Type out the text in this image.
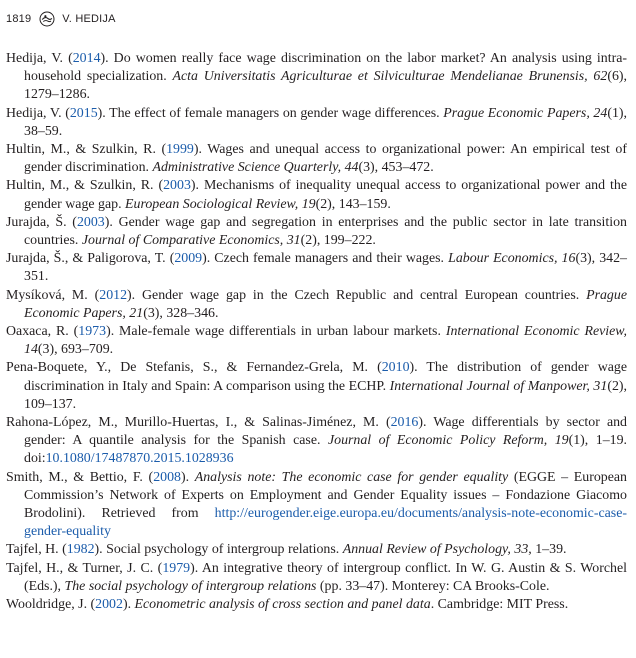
1819	V. HEDIJA

Hedija, V. (2014). Do women really face wage discrimination on the labor market? An analysis using intra-household specialization. Acta Universitatis Agriculturae et Silviculturae Mendelianae Brunensis, 62(6), 1279–1286.

Hedija, V. (2015). The effect of female managers on gender wage differences. Prague Economic Papers, 24(1), 38–59.

Hultin, M., & Szulkin, R. (1999). Wages and unequal access to organizational power: An empirical test of gender discrimination. Administrative Science Quarterly, 44(3), 453–472.

Hultin, M., & Szulkin, R. (2003). Mechanisms of inequality unequal access to organizational power and the gender wage gap. European Sociological Review, 19(2), 143–159.

Jurajda, Š. (2003). Gender wage gap and segregation in enterprises and the public sector in late transition countries. Journal of Comparative Economics, 31(2), 199–222.

Jurajda, Š., & Paligorova, T. (2009). Czech female managers and their wages. Labour Economics, 16(3), 342–351.

Mysíková, M. (2012). Gender wage gap in the Czech Republic and central European countries. Prague Economic Papers, 21(3), 328–346.

Oaxaca, R. (1973). Male-female wage differentials in urban labour markets. International Economic Review, 14(3), 693–709.

Pena-Boquete, Y., De Stefanis, S., & Fernandez-Grela, M. (2010). The distribution of gender wage discrimination in Italy and Spain: A comparison using the ECHP. International Journal of Manpower, 31(2), 109–137.

Rahona-López, M., Murillo-Huertas, I., & Salinas-Jiménez, M. (2016). Wage differentials by sector and gender: A quantile analysis for the Spanish case. Journal of Economic Policy Reform, 19(1), 1–19. doi:10.1080/17487870.2015.1028936

Smith, M., & Bettio, F. (2008). Analysis note: The economic case for gender equality (EGGE – European Commission’s Network of Experts on Employment and Gender Equality issues – Fondazione Giacomo Brodolini). Retrieved from http://eurogender.eige.europa.eu/documents/analysis-note-economic-case-gender-equality

Tajfel, H. (1982). Social psychology of intergroup relations. Annual Review of Psychology, 33, 1–39.

Tajfel, H., & Turner, J. C. (1979). An integrative theory of intergroup conflict. In W. G. Austin & S. Worchel (Eds.), The social psychology of intergroup relations (pp. 33–47). Monterey: CA Brooks-Cole.

Wooldridge, J. (2002). Econometric analysis of cross section and panel data. Cambridge: MIT Press.
